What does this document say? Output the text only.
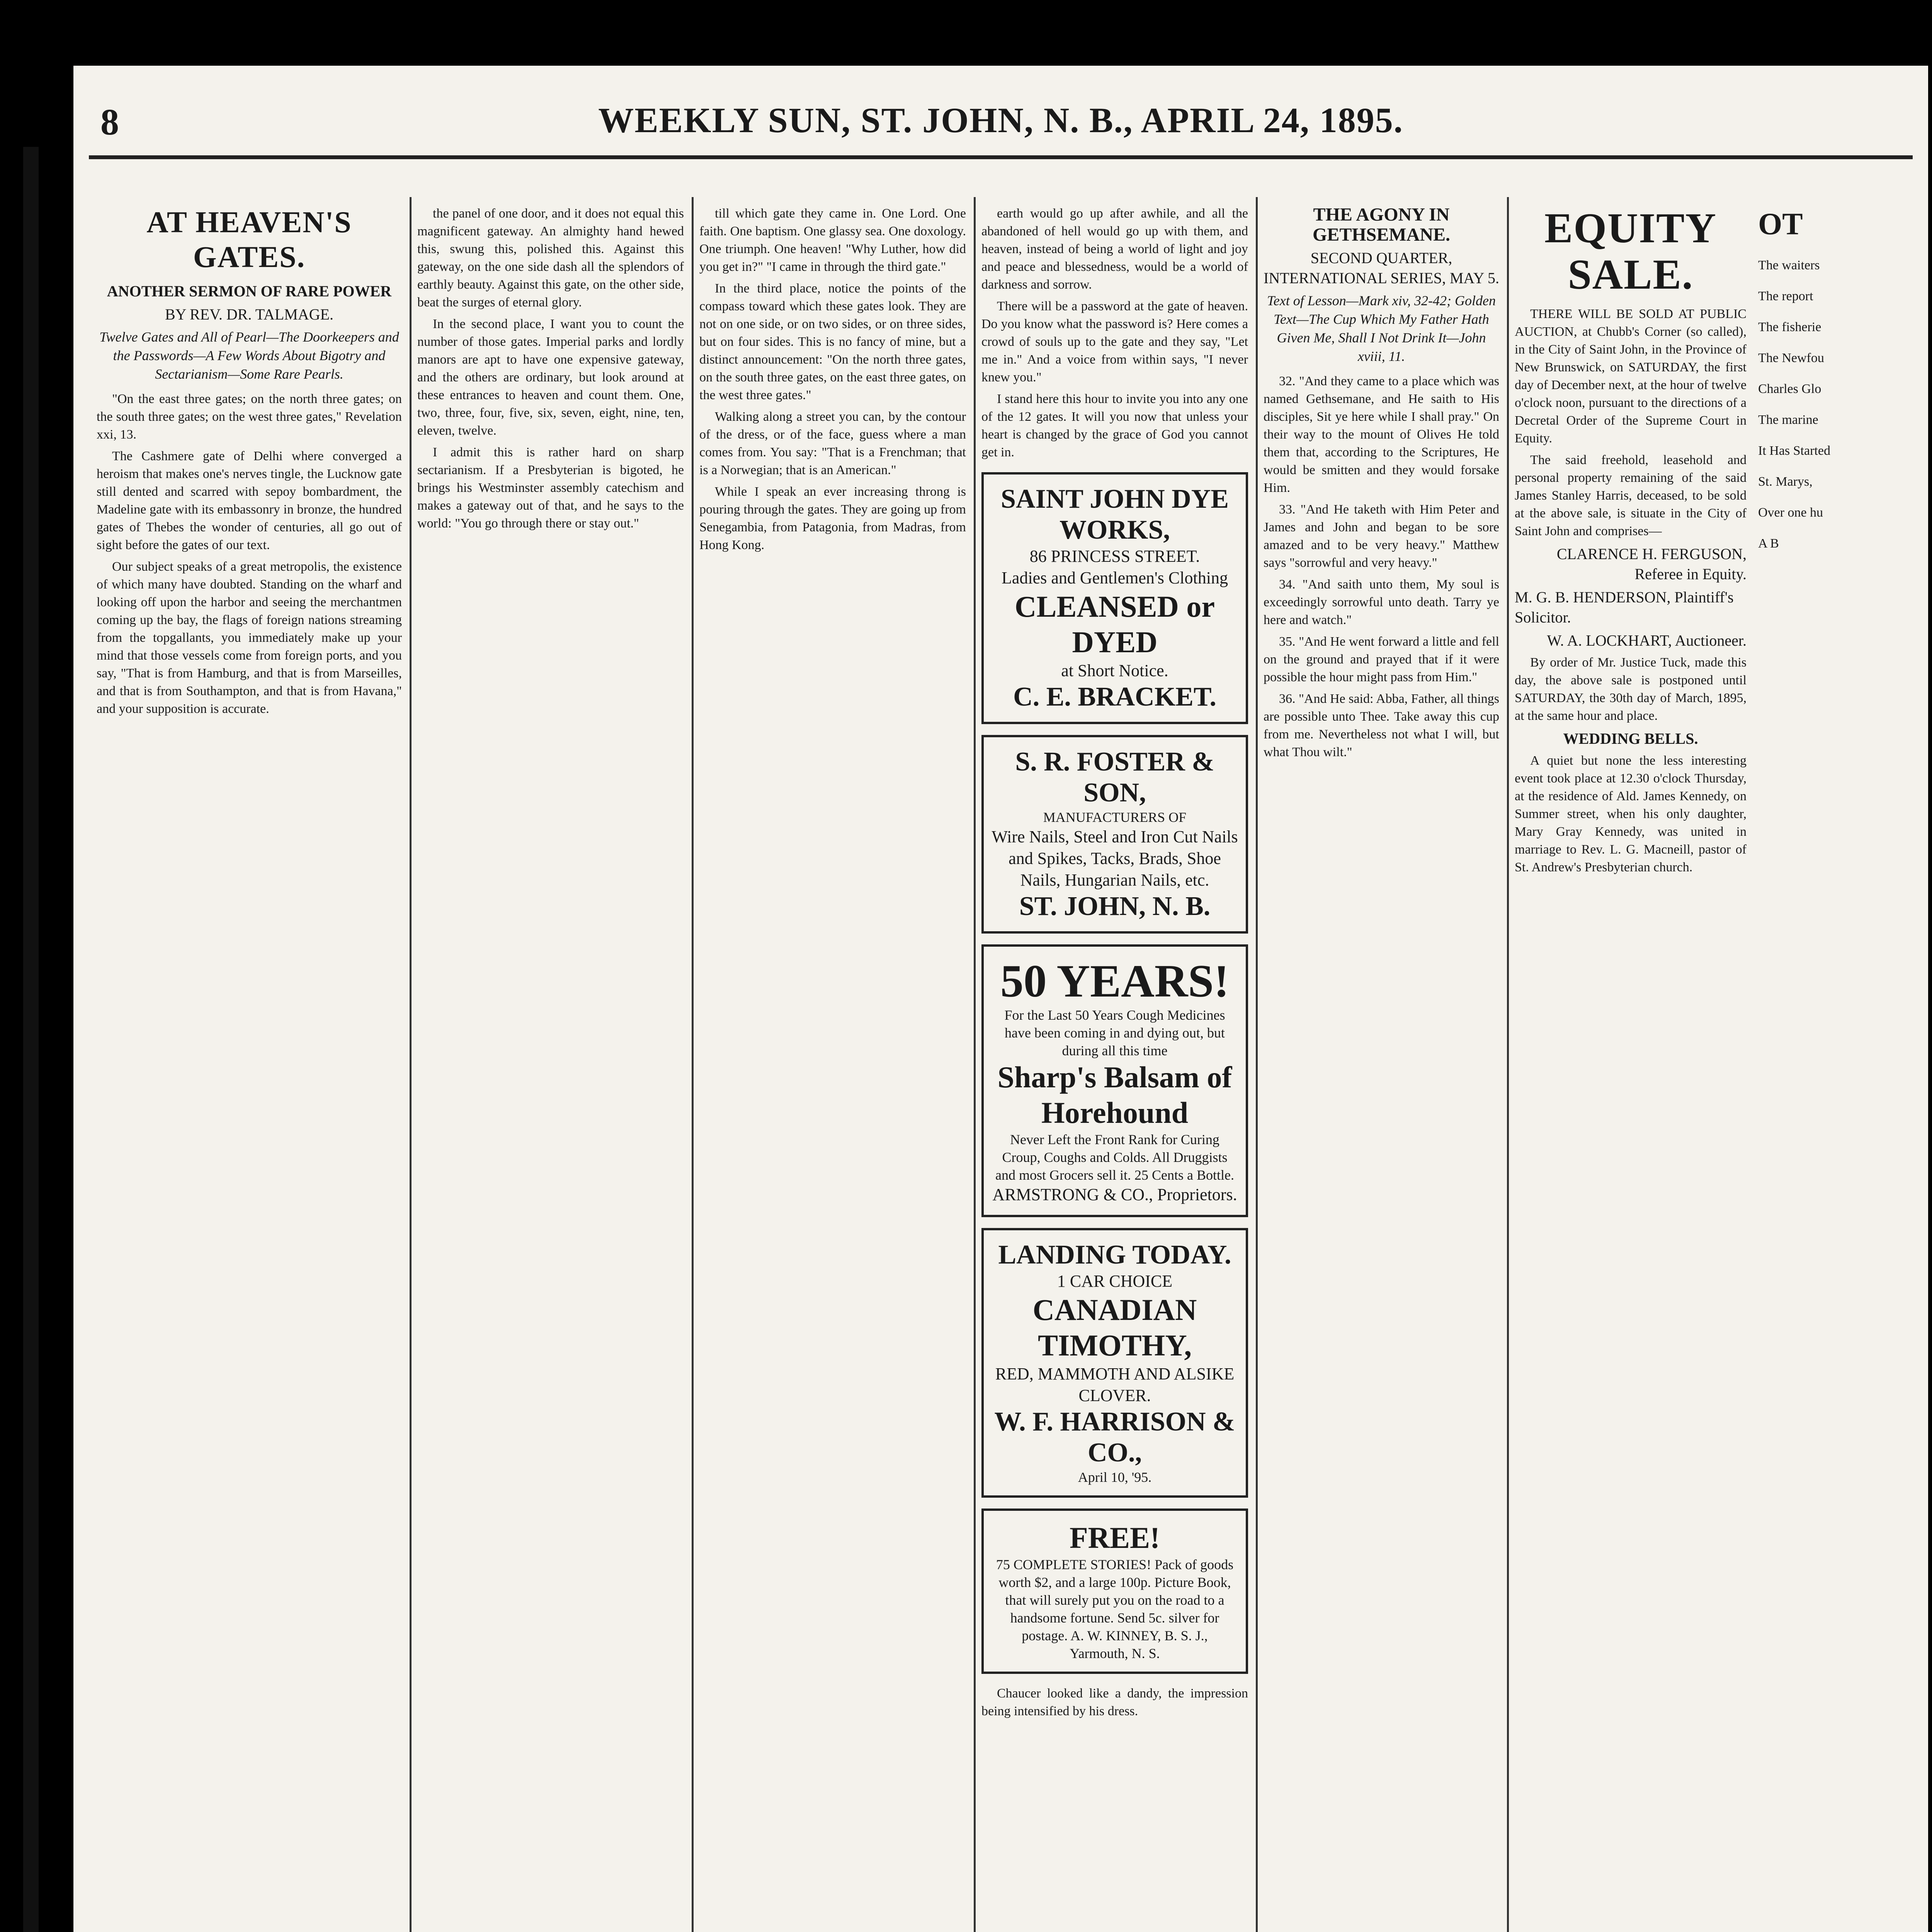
8	WEEKLY SUN, ST. JOHN, N. B., APRIL 24, 1895.
AT HEAVEN'S GATES.
ANOTHER SERMON OF RARE POWER
BY REV. DR. TALMAGE.
Twelve Gates and All of Pearl—The Doorkeepers and the Passwords—A Few Words About Bigotry and Sectarianism—Some Rare Pearls.

"On the east three gates; on the north three gates; on the south three gates; on the west three gates," Revelation xxi, 13.

The Cashmere gate of Delhi where converged a heroism that makes one's nerves tingle, the Lucknow gate still dented and scarred with sepoy bombardment, the Madeline gate with its embassonry in bronze, the hundred gates of Thebes the wonder of centuries, all go out of sight before the gates of our text.

Our subject speaks of a great metropolis, the existence of which many have doubted. Standing on the wharf and looking off upon the harbor and seeing the merchantmen coming up the bay, the flags of foreign nations streaming from the topgallants, you immediately make up your mind that those vessels come from foreign ports, and you say, "That is from Hamburg, and that is from Marseilles, and that is from Southampton, and that is from Havana," and your supposition is accurate.

the panel of one door, and it does not equal this magnificent gateway. An almighty hand hewed this, swung this, polished this. Against this gateway, on the one side dash all the splendors of earthly beauty. Against this gate, on the other side, beat the surges of eternal glory.

In the second place, I want you to count the number of those gates. Imperial parks and lordly manors are apt to have one expensive gateway, and the others are ordinary, but look around at these entrances to heaven and count them. One, two, three, four, five, six, seven, eight, nine, ten, eleven, twelve.

I admit this is rather hard on sharp sectarianism. If a Presbyterian is bigoted, he brings his Westminster assembly catechism and makes a gateway out of that, and he says to the world: "You go through there or stay out."

till which gate they came in. One Lord. One faith. One baptism. One glassy sea. One doxology. One triumph. One heaven! "Why Luther, how did you get in?" "I came in through the third gate."

In the third place, notice the points of the compass toward which these gates look. They are not on one side, or on two sides, or on three sides, but on four sides. This is no fancy of mine, but a distinct announcement: "On the north three gates, on the south three gates, on the east three gates, on the west three gates."

Walking along a street you can, by the contour of the dress, or of the face, guess where a man comes from. You say: "That is a Frenchman; that is a Norwegian; that is an American."

While I speak an ever increasing throng is pouring through the gates. They are going up from Senegambia, from Patagonia, from Madras, from Hong Kong.

earth would go up after awhile, and all the abandoned of hell would go up with them, and heaven, instead of being a world of light and joy and peace and blessedness, would be a world of darkness and sorrow.

There will be a password at the gate of heaven. Do you know what the password is? Here comes a crowd of souls up to the gate and they say, "Let me in." And a voice from within says, "I never knew you."

I stand here this hour to invite you into any one of the 12 gates. It will you now that unless your heart is changed by the grace of God you cannot get in.

SAINT JOHN DYE WORKS,
86 PRINCESS STREET.
Ladies and Gentlemen's Clothing
CLEANSED or DYED
at Short Notice.
C. E. BRACKET.
S. R. FOSTER & SON,
MANUFACTURERS OF
Wire Nails, Steel and Iron Cut Nails and Spikes, Tacks, Brads, Shoe Nails, Hungarian Nails, etc.
ST. JOHN, N. B.
50 YEARS!
For the Last 50 Years Cough Medicines have been coming in and dying out, but during all this time
Sharp's Balsam of Horehound
Never Left the Front Rank for Curing Croup, Coughs and Colds. All Druggists and most Grocers sell it. 25 Cents a Bottle.
ARMSTRONG & CO., Proprietors.
LANDING TODAY.
1 CAR CHOICE
CANADIAN TIMOTHY,
RED, MAMMOTH AND ALSIKE CLOVER.
W. F. HARRISON & CO.,
April 10, '95.
FREE!
75 COMPLETE STORIES! Pack of goods worth $2, and a large 100p. Picture Book, that will surely put you on the road to a handsome fortune. Send 5c. silver for postage. A. W. KINNEY, B. S. J., Yarmouth, N. S.

Chaucer looked like a dandy, the impression being intensified by his dress.

THE AGONY IN GETHSEMANE.
SECOND QUARTER, INTERNATIONAL SERIES, MAY 5.
Text of Lesson—Mark xiv, 32-42; Golden Text—The Cup Which My Father Hath Given Me, Shall I Not Drink It—John xviii, 11.

32. "And they came to a place which was named Gethsemane, and He saith to His disciples, Sit ye here while I shall pray." On their way to the mount of Olives He told them that, according to the Scriptures, He would be smitten and they would forsake Him.

33. "And He taketh with Him Peter and James and John and began to be sore amazed and to be very heavy." Matthew says "sorrowful and very heavy."

34. "And saith unto them, My soul is exceedingly sorrowful unto death. Tarry ye here and watch."

35. "And He went forward a little and fell on the ground and prayed that if it were possible the hour might pass from Him."

36. "And He said: Abba, Father, all things are possible unto Thee. Take away this cup from me. Nevertheless not what I will, but what Thou wilt."

EQUITY SALE.

THERE WILL BE SOLD AT PUBLIC AUCTION, at Chubb's Corner (so called), in the City of Saint John, in the Province of New Brunswick, on SATURDAY, the first day of December next, at the hour of twelve o'clock noon, pursuant to the directions of a Decretal Order of the Supreme Court in Equity.

The said freehold, leasehold and personal property remaining of the said James Stanley Harris, deceased, to be sold at the above sale, is situate in the City of Saint John and comprises—

CLARENCE H. FERGUSON, Referee in Equity.
M. G. B. HENDERSON, Plaintiff's Solicitor.
W. A. LOCKHART, Auctioneer.

By order of Mr. Justice Tuck, made this day, the above sale is postponed until SATURDAY, the 30th day of March, 1895, at the same hour and place.

WEDDING BELLS.

A quiet but none the less interesting event took place at 12.30 o'clock Thursday, at the residence of Ald. James Kennedy, on Summer street, when his only daughter, Mary Gray Kennedy, was united in marriage to Rev. L. G. Macneill, pastor of St. Andrew's Presbyterian church.

OT

The waiters

The report

The fisherie

The Newfou

Charles Glo

The marine

It Has Started

St. Marys,

Over one hu

A B
